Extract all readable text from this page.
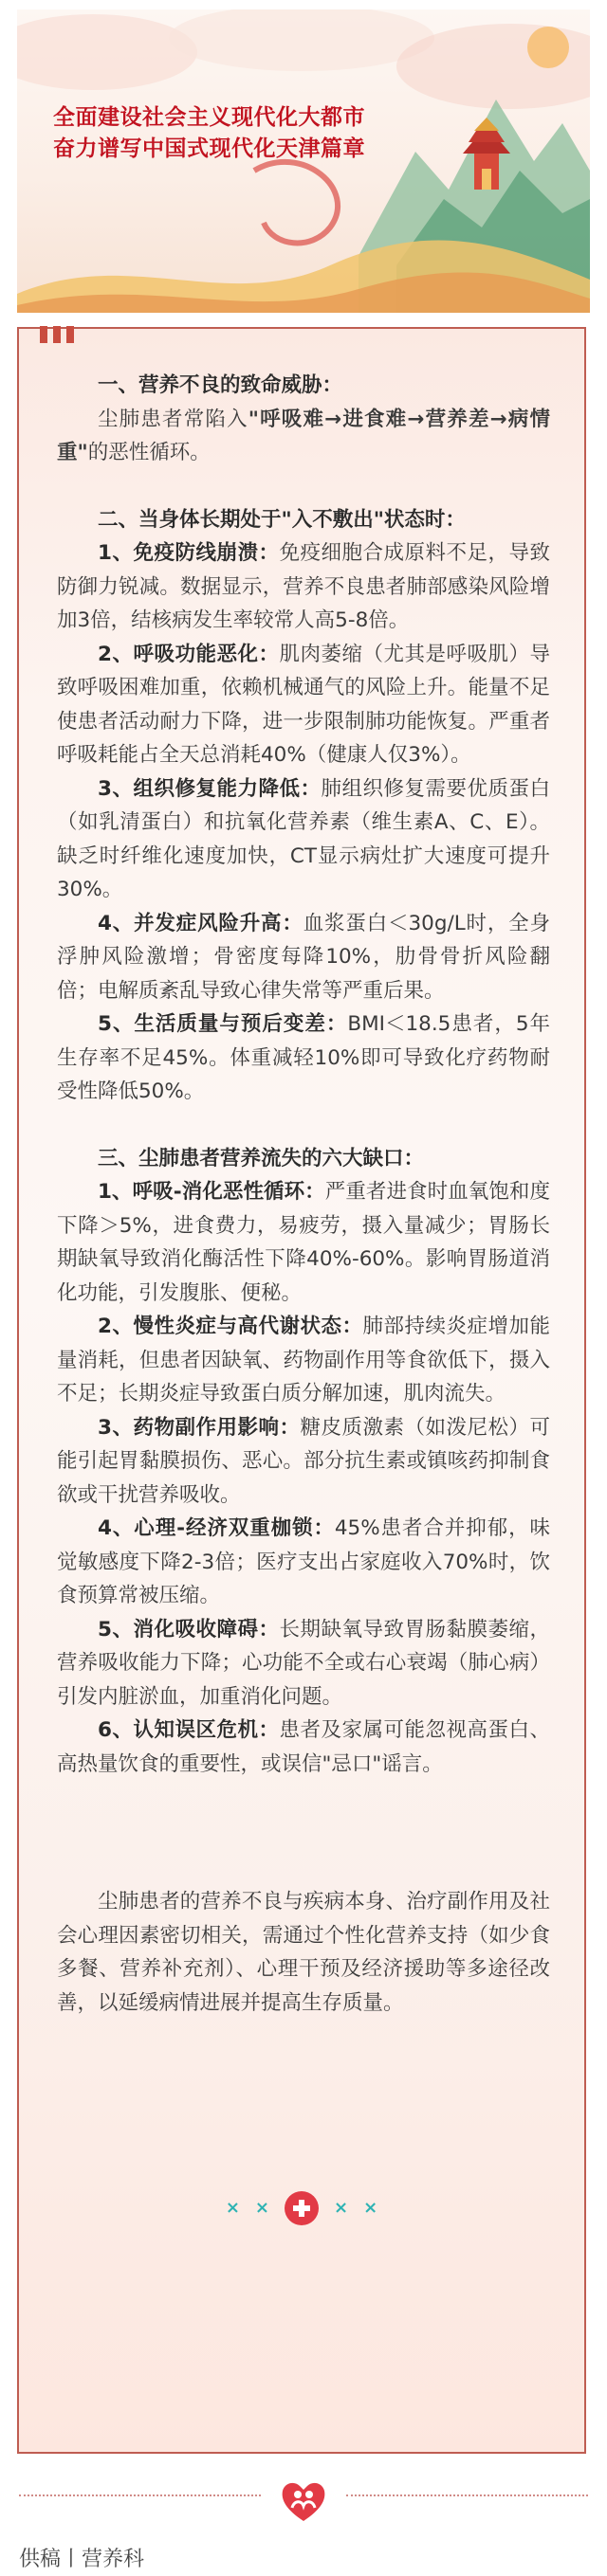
全面建设社会主义现代化大都市
奋力谱写中国式现代化天津篇章

一、营养不良的致命威胁：

尘肺患者常陷入"呼吸难→进食难→营养差→病情重"的恶性循环。

二、当身体长期处于"入不敷出"状态时：

1、免疫防线崩溃：免疫细胞合成原料不足，导致防御力锐减。数据显示，营养不良患者肺部感染风险增加3倍，结核病发生率较常人高5-8倍。

2、呼吸功能恶化：肌肉萎缩（尤其是呼吸肌）导致呼吸困难加重，依赖机械通气的风险上升。能量不足使患者活动耐力下降，进一步限制肺功能恢复。严重者呼吸耗能占全天总消耗40%（健康人仅3%）。

3、组织修复能力降低：肺组织修复需要优质蛋白（如乳清蛋白）和抗氧化营养素（维生素A、C、E）。缺乏时纤维化速度加快，CT显示病灶扩大速度可提升30%。

4、并发症风险升高：血浆蛋白＜30g/L时，全身浮肿风险激增；骨密度每降10%，肋骨骨折风险翻倍；电解质紊乱导致心律失常等严重后果。

5、生活质量与预后变差：BMI＜18.5患者，5年生存率不足45%。体重减轻10%即可导致化疗药物耐受性降低50%。

三、尘肺患者营养流失的六大缺口：

1、呼吸-消化恶性循环：严重者进食时血氧饱和度下降＞5%，进食费力，易疲劳，摄入量减少；胃肠长期缺氧导致消化酶活性下降40%-60%。影响胃肠道消化功能，引发腹胀、便秘。

2、慢性炎症与高代谢状态：肺部持续炎症增加能量消耗，但患者因缺氧、药物副作用等食欲低下，摄入不足；长期炎症导致蛋白质分解加速，肌肉流失。

3、药物副作用影响：糖皮质激素（如泼尼松）可能引起胃黏膜损伤、恶心。部分抗生素或镇咳药抑制食欲或干扰营养吸收。

4、心理-经济双重枷锁：45%患者合并抑郁，味觉敏感度下降2-3倍；医疗支出占家庭收入70%时，饮食预算常被压缩。

5、消化吸收障碍：长期缺氧导致胃肠黏膜萎缩，营养吸收能力下降；心功能不全或右心衰竭（肺心病）引发内脏淤血，加重消化问题。

6、认知误区危机：患者及家属可能忽视高蛋白、高热量饮食的重要性，或误信"忌口"谣言。

尘肺患者的营养不良与疾病本身、治疗副作用及社会心理因素密切相关，需通过个性化营养支持（如少食多餐、营养补充剂）、心理干预及经济援助等多途径改善，以延缓病情进展并提高生存质量。

× ×	× ×
供稿丨营养科
